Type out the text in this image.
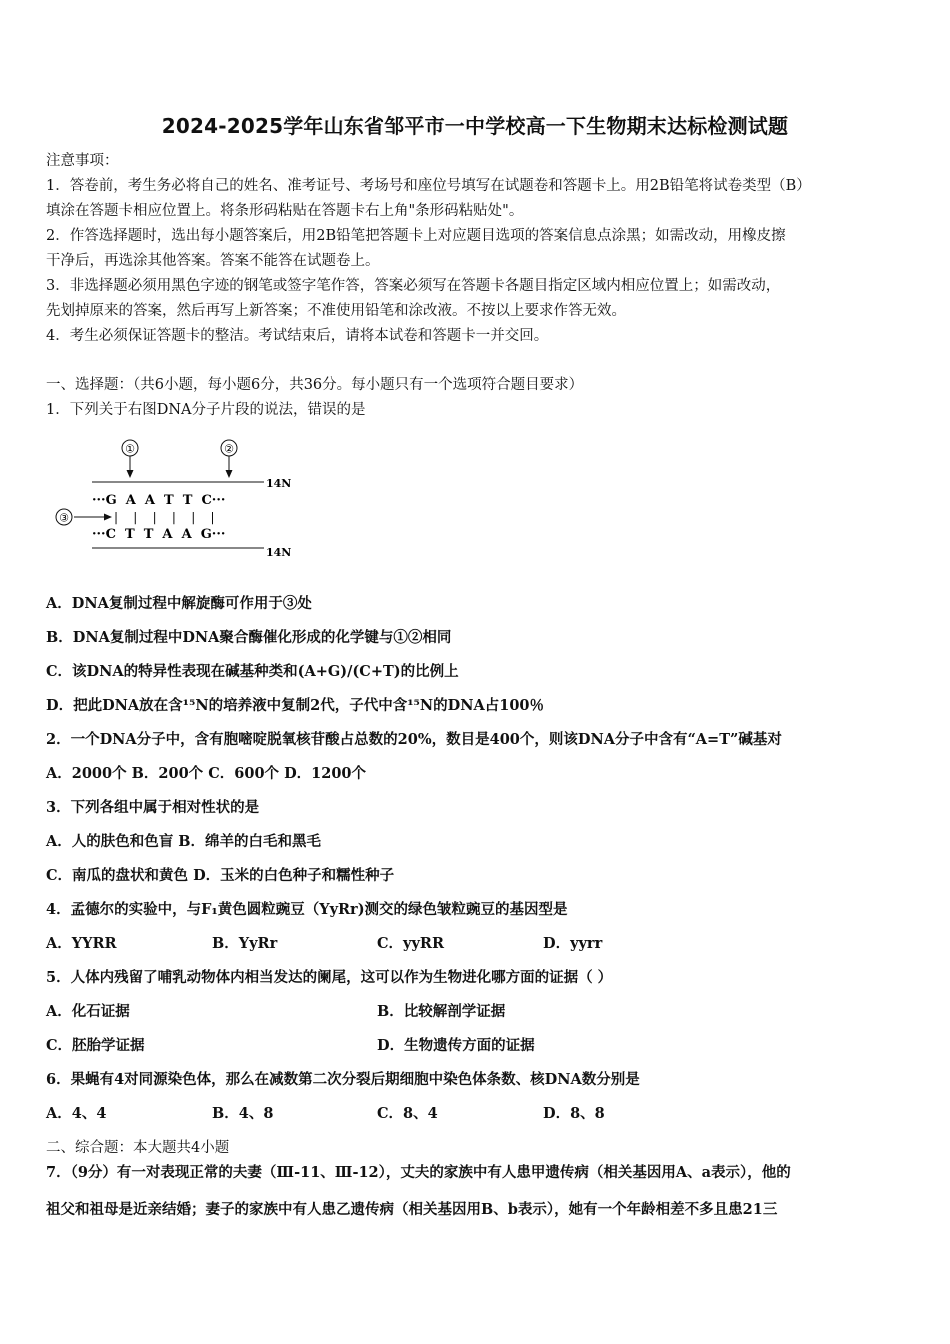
2024-2025学年山东省邹平市一中学校高一下生物期末达标检测试题
注意事项：
1．答卷前，考生务必将自己的姓名、准考证号、考场号和座位号填写在试题卷和答题卡上。用2B铅笔将试卷类型（B）
填涂在答题卡相应位置上。将条形码粘贴在答题卡右上角"条形码粘贴处"。
2．作答选择题时，选出每小题答案后，用2B铅笔把答题卡上对应题目选项的答案信息点涂黑；如需改动，用橡皮擦
干净后，再选涂其他答案。答案不能答在试题卷上。
3．非选择题必须用黑色字迹的钢笔或签字笔作答，答案必须写在答题卡各题目指定区域内相应位置上；如需改动，
先划掉原来的答案，然后再写上新答案；不准使用铅笔和涂改液。不按以上要求作答无效。
4．考生必须保证答题卡的整洁。考试结束后，请将本试卷和答题卡一并交回。
一、选择题：（共6小题，每小题6分，共36分。每小题只有一个选项符合题目要求）
1．下列关于右图DNA分子片段的说法，错误的是
①	②
14N
···G  A  A  T  T  C···
|    |    |    |    |    |
···C  T  T  A  A  G···
③
14N
A．DNA复制过程中解旋酶可作用于③处
B．DNA复制过程中DNA聚合酶催化形成的化学键与①②相同
C．该DNA的特异性表现在碱基种类和(A+G)/(C+T)的比例上
D．把此DNA放在含¹⁵N的培养液中复制2代，子代中含¹⁵N的DNA占100％
2．一个DNA分子中，含有胞嘧啶脱氧核苷酸占总数的20%，数目是400个，则该DNA分子中含有“A=T”碱基对
A．2000个 B．200个 C．600个 D．1200个
3．下列各组中属于相对性状的是
A．人的肤色和色盲 B．绵羊的白毛和黑毛
C．南瓜的盘状和黄色 D．玉米的白色种子和糯性种子
4．孟德尔的实验中，与F₁黄色圆粒豌豆（YyRr)测交的绿色皱粒豌豆的基因型是
A．YYRR	B．YyRr	C．yyRR	D．yyrr
5．人体内残留了哺乳动物体内相当发达的阑尾，这可以作为生物进化哪方面的证据（ ）
A．化石证据	B．比较解剖学证据
C．胚胎学证据	D．生物遗传方面的证据
6．果蝇有4对同源染色体，那么在减数第二次分裂后期细胞中染色体条数、核DNA数分别是
A．4、4	B．4、8	C．8、4	D．8、8
二、综合题：本大题共4小题
7．（9分）有一对表现正常的夫妻（Ⅲ-11、Ⅲ-12），丈夫的家族中有人患甲遗传病（相关基因用A、a表示），他的
祖父和祖母是近亲结婚；妻子的家族中有人患乙遗传病（相关基因用B、b表示），她有一个年龄相差不多且患21三
